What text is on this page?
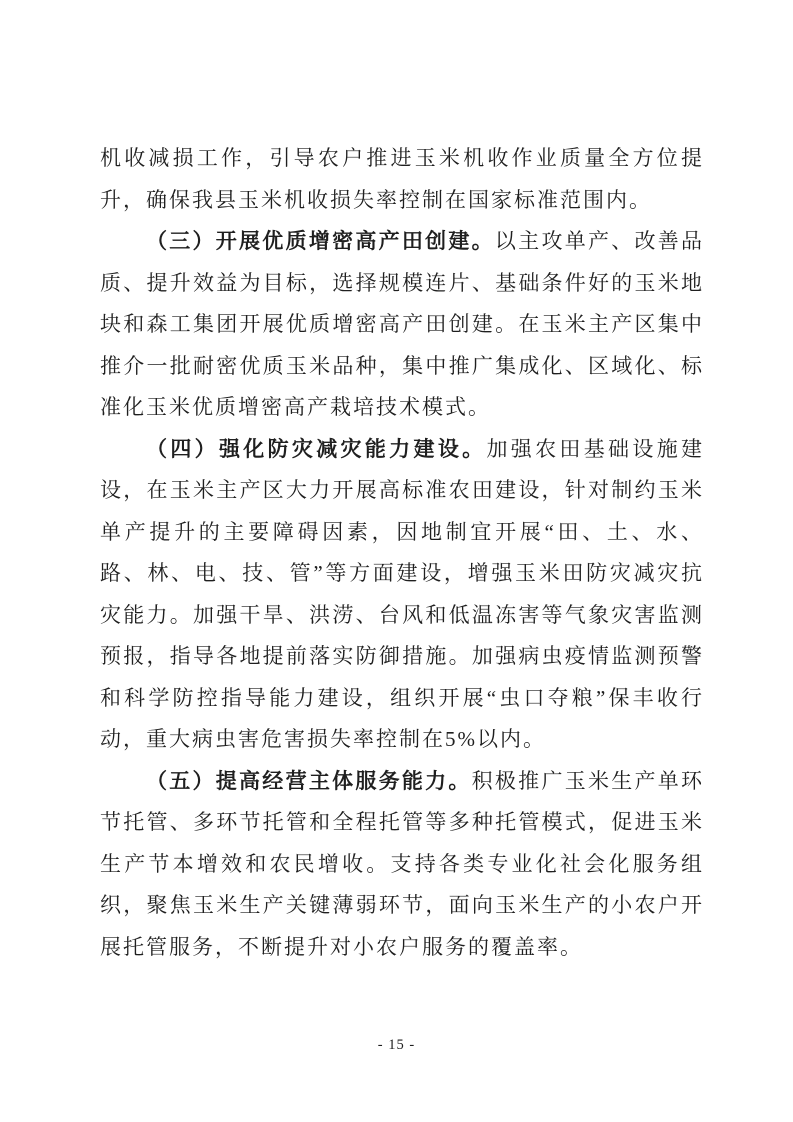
机收减损工作，引导农户推进玉米机收作业质量全方位提升，确保我县玉米机收损失率控制在国家标准范围内。

（三）开展优质增密高产田创建。以主攻单产、改善品质、提升效益为目标，选择规模连片、基础条件好的玉米地块和森工集团开展优质增密高产田创建。在玉米主产区集中推介一批耐密优质玉米品种，集中推广集成化、区域化、标准化玉米优质增密高产栽培技术模式。

（四）强化防灾减灾能力建设。加强农田基础设施建设，在玉米主产区大力开展高标准农田建设，针对制约玉米单产提升的主要障碍因素，因地制宜开展“田、土、水、路、林、电、技、管”等方面建设，增强玉米田防灾减灾抗灾能力。加强干旱、洪涝、台风和低温冻害等气象灾害监测预报，指导各地提前落实防御措施。加强病虫疫情监测预警和科学防控指导能力建设，组织开展“虫口夺粮”保丰收行动，重大病虫害危害损失率控制在5%以内。

（五）提高经营主体服务能力。积极推广玉米生产单环节托管、多环节托管和全程托管等多种托管模式，促进玉米生产节本增效和农民增收。支持各类专业化社会化服务组织，聚焦玉米生产关键薄弱环节，面向玉米生产的小农户开展托管服务，不断提升对小农户服务的覆盖率。

- 15 -
